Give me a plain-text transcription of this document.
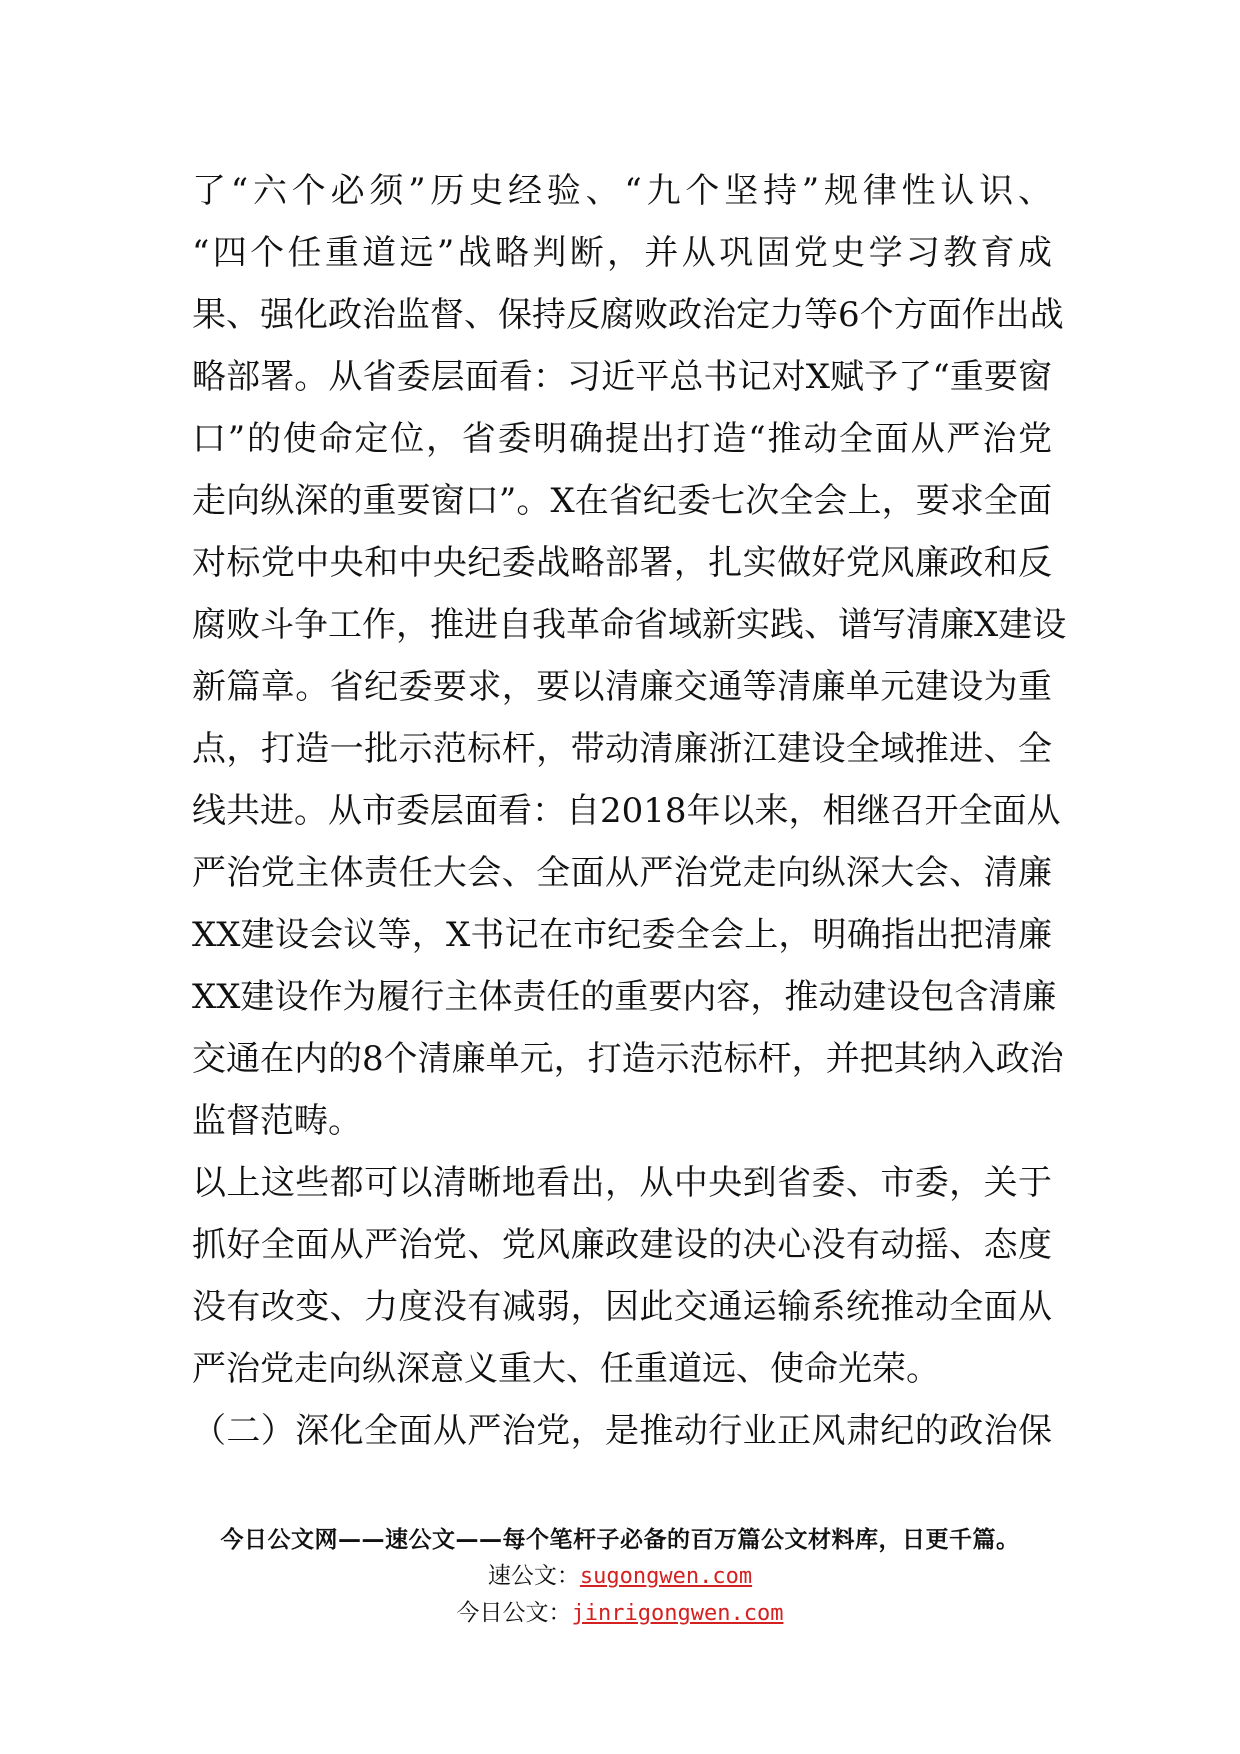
了“六个必须”历史经验、“九个坚持”规律性认识、
“四个任重道远”战略判断，并从巩固党史学习教育成
果、强化政治监督、保持反腐败政治定力等6个方面作出战
略部署。从省委层面看：习近平总书记对X赋予了“重要窗
口”的使命定位，省委明确提出打造“推动全面从严治党
走向纵深的重要窗口”。X在省纪委七次全会上，要求全面
对标党中央和中央纪委战略部署，扎实做好党风廉政和反
腐败斗争工作，推进自我革命省域新实践、谱写清廉X建设
新篇章。省纪委要求，要以清廉交通等清廉单元建设为重
点，打造一批示范标杆，带动清廉浙江建设全域推进、全
线共进。从市委层面看：自2018年以来，相继召开全面从
严治党主体责任大会、全面从严治党走向纵深大会、清廉
XX建设会议等，X书记在市纪委全会上，明确指出把清廉
XX建设作为履行主体责任的重要内容，推动建设包含清廉
交通在内的8个清廉单元，打造示范标杆，并把其纳入政治
监督范畴。
以上这些都可以清晰地看出，从中央到省委、市委，关于
抓好全面从严治党、党风廉政建设的决心没有动摇、态度
没有改变、力度没有减弱，因此交通运输系统推动全面从
严治党走向纵深意义重大、任重道远、使命光荣。
（二）深化全面从严治党，是推动行业正风肃纪的政治保
今日公文网——速公文——每个笔杆子必备的百万篇公文材料库，日更千篇。
速公文：sugongwen.com
今日公文：jinrigongwen.com
